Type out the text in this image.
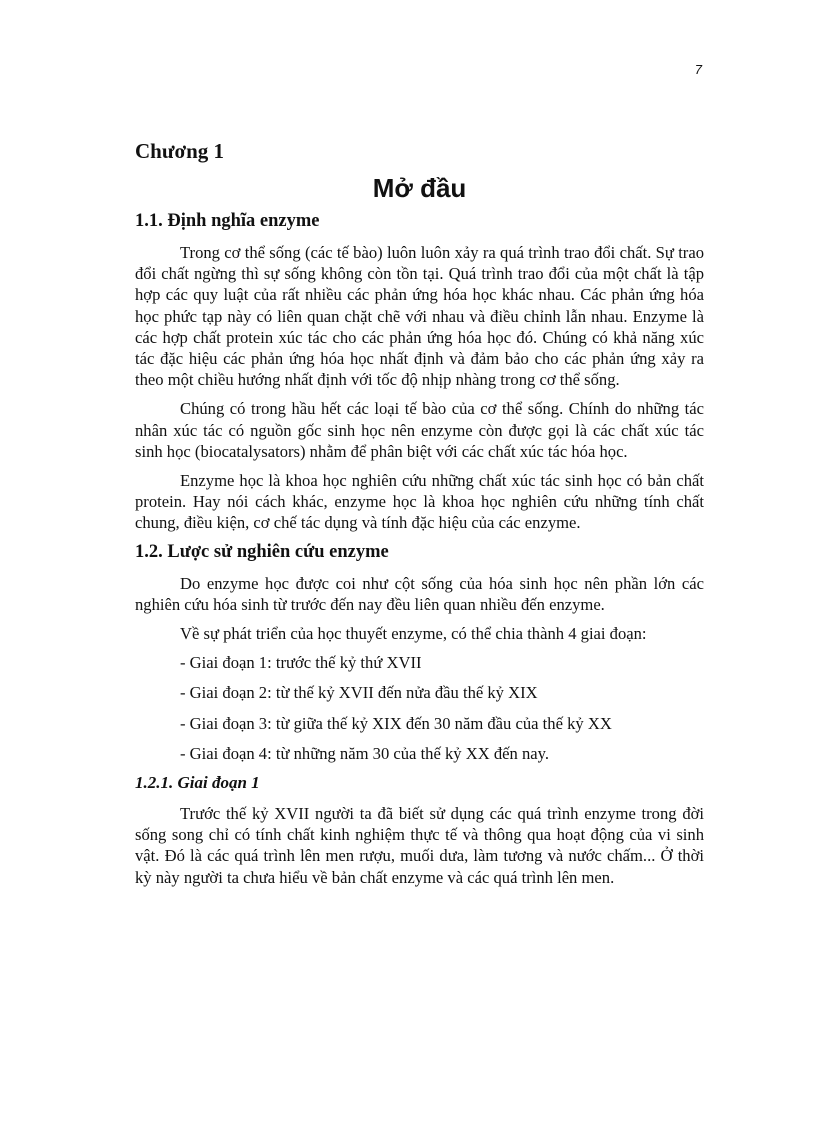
7
Chương 1
Mở đầu
1.1. Định nghĩa enzyme

Trong cơ thể sống (các tế bào) luôn luôn xảy ra quá trình trao đổi chất. Sự trao đổi chất ngừng thì sự sống không còn tồn tại. Quá trình trao đổi của một chất là tập hợp các quy luật của rất nhiều các phản ứng hóa học khác nhau. Các phản ứng hóa học phức tạp này có liên quan chặt chẽ với nhau và điều chỉnh lẫn nhau. Enzyme là các hợp chất protein xúc tác cho các phản ứng hóa học đó. Chúng có khả năng xúc tác đặc hiệu các phản ứng hóa học nhất định và đảm bảo cho các phản ứng xảy ra theo một chiều hướng nhất định với tốc độ nhịp nhàng trong cơ thể sống.

Chúng có trong hầu hết các loại tế bào của cơ thể sống. Chính do những tác nhân xúc tác có nguồn gốc sinh học nên enzyme còn được gọi là các chất xúc tác sinh học (biocatalysators) nhằm để phân biệt với các chất xúc tác hóa học.

Enzyme học là khoa học nghiên cứu những chất xúc tác sinh học có bản chất protein. Hay nói cách khác, enzyme học là khoa học nghiên cứu những tính chất chung, điều kiện, cơ chế tác dụng và tính đặc hiệu của các enzyme.

1.2. Lược sử nghiên cứu enzyme

Do enzyme học được coi như cột sống của hóa sinh học nên phần lớn các nghiên cứu hóa sinh từ trước đến nay đều liên quan nhiều đến enzyme.

Về sự phát triển của học thuyết enzyme, có thể chia thành 4 giai đoạn:

- Giai đoạn 1: trước thế kỷ thứ XVII

- Giai đoạn 2: từ thế kỷ XVII đến nửa đầu thế kỷ XIX

- Giai đoạn 3: từ giữa thế kỷ XIX đến 30 năm đầu của thế kỷ XX

- Giai đoạn 4: từ những năm 30 của thế kỷ XX đến nay.

1.2.1. Giai đoạn 1

Trước thế kỷ XVII người ta đã biết sử dụng các quá trình enzyme trong đời sống song chỉ có tính chất kinh nghiệm thực tế và thông qua hoạt động của vi sinh vật. Đó là các quá trình lên men rượu, muối dưa, làm tương và nước chấm... Ở thời kỳ này người ta chưa hiểu về bản chất enzyme và các quá trình lên men.
